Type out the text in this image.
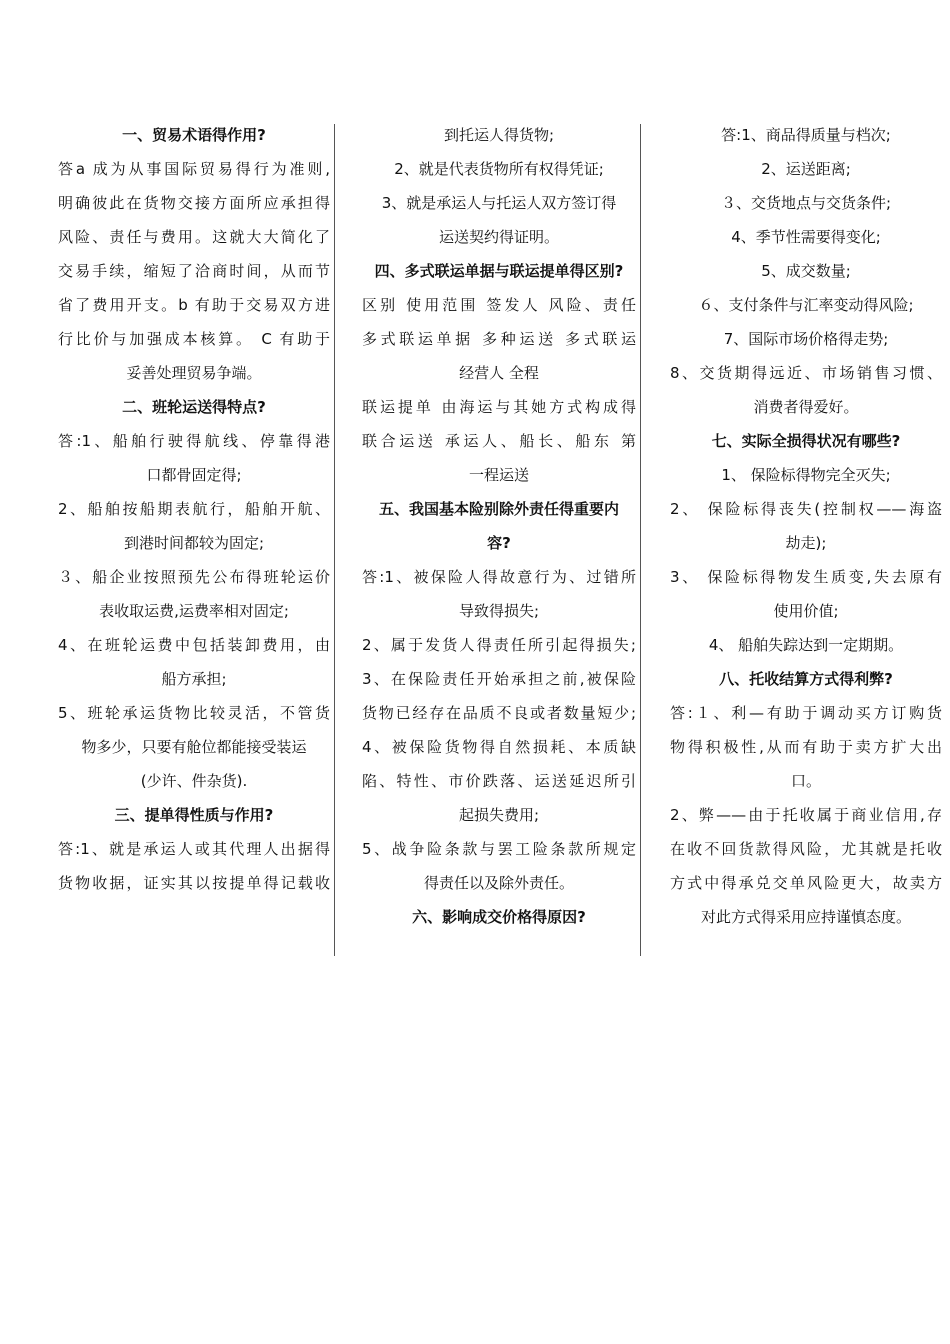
一、贸易术语得作用?
答a 成为从事国际贸易得行为准则,
明确彼此在货物交接方面所应承担得
风险、责任与费用。这就大大简化了
交易手续，缩短了洽商时间，从而节
省了费用开支。b 有助于交易双方进
行比价与加强成本核算。 C 有助于
妥善处理贸易争端。
二、班轮运送得特点?
答:1、船舶行驶得航线、停靠得港
口都骨固定得;
2、船舶按船期表航行，船舶开航、
到港时间都较为固定;
３、船企业按照预先公布得班轮运价
表收取运费,运费率相对固定;
4、在班轮运费中包括装卸费用，由
船方承担;
5、班轮承运货物比较灵活，不管货
物多少，只要有舱位都能接受装运
(少许、件杂货).
三、提单得性质与作用?
答:1、就是承运人或其代理人出据得
货物收据，证实其以按提单得记载收
到托运人得货物;
2、就是代表货物所有权得凭证;
3、就是承运人与托运人双方签订得
运送契约得证明。
四、多式联运单据与联运提单得区别?
区别 使用范围 签发人 风险、责任
多式联运单据 多种运送 多式联运
经营人 全程
联运提单 由海运与其她方式构成得
联合运送 承运人、船长、船东 第
一程运送
五、我国基本险别除外责任得重要内
容?
答:1、被保险人得故意行为、过错所
导致得损失;
2、属于发货人得责任所引起得损失;
3、在保险责任开始承担之前,被保险
货物已经存在品质不良或者数量短少;
4、被保险货物得自然损耗、本质缺
陷、特性、市价跌落、运送延迟所引
起损失费用;
5、战争险条款与罢工险条款所规定
得责任以及除外责任。
六、影响成交价格得原因?
答:1、商品得质量与档次;
2、运送距离;
３、交货地点与交货条件;
4、季节性需要得变化;
5、成交数量;
６、支付条件与汇率变动得风险;
7、国际市场价格得走势;
8、交货期得远近、市场销售习惯、
消费者得爱好。
七、实际全损得状况有哪些?
1、 保险标得物完全灭失;
2、 保险标得丧失(控制权——海盗
劫走);
3、 保险标得物发生质变,失去原有
使用价值;
4、 船舶失踪达到一定期期。
八、托收结算方式得利弊?
答:１、利—有助于调动买方订购货
物得积极性,从而有助于卖方扩大出
口。
2、弊——由于托收属于商业信用,存
在收不回货款得风险，尤其就是托收
方式中得承兑交单风险更大，故卖方
对此方式得采用应持谨慎态度。
